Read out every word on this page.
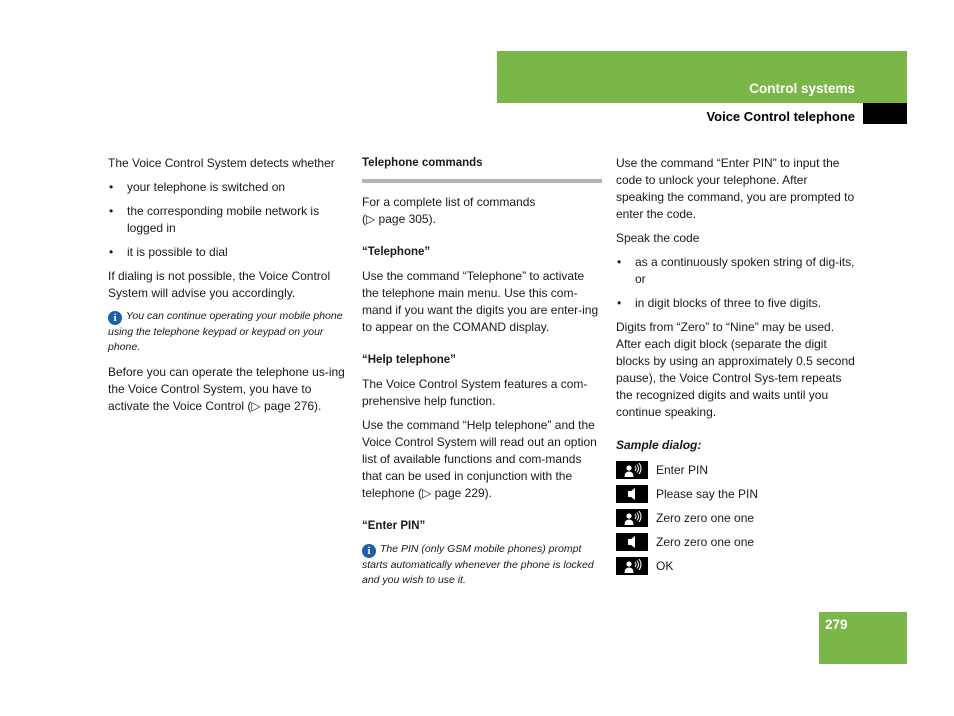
Control systems
Voice Control telephone

The Voice Control System detects whether

• your telephone is switched on
• the corresponding mobile network is logged in
• it is possible to dial

If dialing is not possible, the Voice Control System will advise you accordingly.

i You can continue operating your mobile phone using the telephone keypad or keypad on your phone.

Before you can operate the telephone us-ing the Voice Control System, you have to activate the Voice Control (▷ page 276).

Telephone commands

For a complete list of commands
(▷ page 305).

“Telephone”

Use the command “Telephone” to activate the telephone main menu. Use this com-mand if you want the digits you are enter-ing to appear on the COMAND display.

“Help telephone”

The Voice Control System features a com-prehensive help function.

Use the command “Help telephone” and the Voice Control System will read out an option list of available functions and com-mands that can be used in conjunction with the telephone (▷ page 229).

“Enter PIN”

i The PIN (only GSM mobile phones) prompt starts automatically whenever the phone is locked and you wish to use it.

Use the command “Enter PIN” to input the code to unlock your telephone. After speaking the command, you are prompted to enter the code.

Speak the code

• as a continuously spoken string of dig-its, or
• in digit blocks of three to five digits.

Digits from “Zero” to “Nine” may be used. After each digit block (separate the digit blocks by using an approximately 0.5 second pause), the Voice Control Sys-tem repeats the recognized digits and waits until you continue speaking.

Sample dialog:
Enter PIN
Please say the PIN
Zero zero one one
Zero zero one one
OK
279
